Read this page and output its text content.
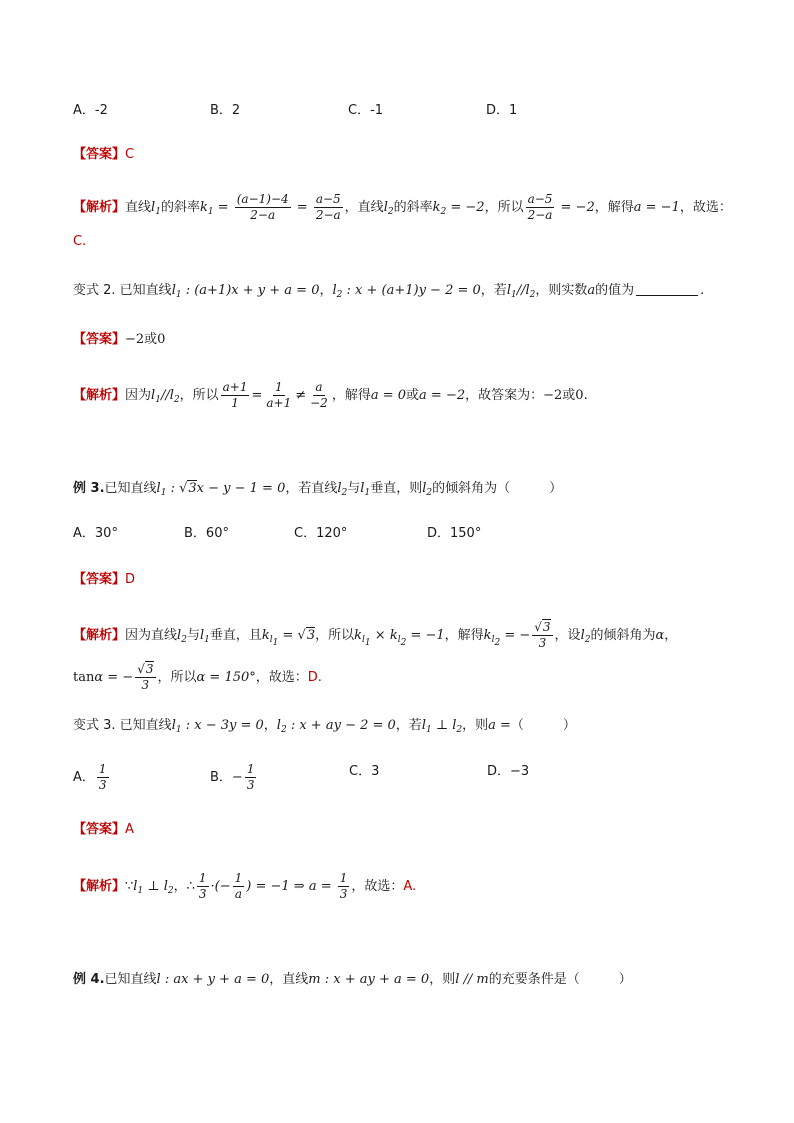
A． -2	B． 2	C． -1	D． 1
【答案】C
【解析】直线$l_1$的斜率$k_1 = \frac{(a-1)-4}{2-a} = \frac{a-5}{2-a}$ ，直线$l_2$的斜率$k_2 = -2$，所以 $\frac{a-5}{2-a} = -2$，解得a = −1，故选：
C.
变式 2. 已知直线$l_1$ : (a+1)x + y + a = 0，$l_2$ : x + (a+1)y − 2 = 0，若$l_1//l_2$，则实数a的值为	.
【答案】−2或0
【解析】因为$l_1//l_2$，所以 $\frac{a+1}{1} = \frac{1}{a+1} \ne \frac{a}{-2}$ ，解得a = 0或a = −2，故答案为：−2或0.
例 3.已知直线$l_1$ : √3x − y − 1 = 0，若直线$l_2$与$l_1$垂直，则$l_2$的倾斜角为（　　　）
A． 30°	B． 60°	C． 120°	D． 150°
【答案】D
【解析】因为直线$l_2$与$l_1$垂直，且$k_{l_1} = √3$，所以$k_{l_1} \times k_{l_2} = -1$，解得$k_{l_2}$ = − $\frac{√3}{3}$ ，设$l_2$的倾斜角为α，
tanα = − $\frac{√3}{3}$ ，所以α = 150°，故选：D.
变式 3. 已知直线$l_1$ : x − 3y = 0，$l_2$ : x + ay − 2 = 0，若$l_1$ ⊥ $l_2$，则a =（　　　）
A． $\frac{1}{3}$	B． − $\frac{1}{3}$	C． 3	D． −3
【答案】A
【解析】$\because l_1$ ⊥ $l_2$，∴ $\frac{1}{3}$ ·(− $\frac{1}{a}$ ) = −1 ⇒ $a = \frac{1}{3}$ ，故选：A.
例 4.已知直线l : ax + y + a = 0，直线m : x + ay + a = 0，则l // m的充要条件是（　　　）
